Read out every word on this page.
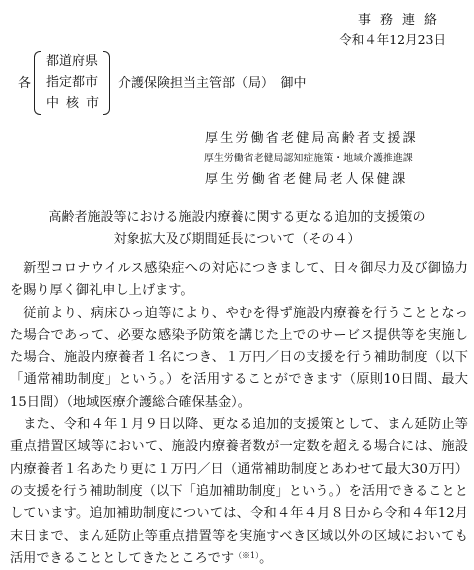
事務連絡
令和４年12月23日
各
都道府県
指定都市
中核市
介護保険担当主管部（局）　御中
厚生労働省老健局高齢者支援課
厚生労働省老健局認知症施策・地域介護推進課
厚生労働省老健局老人保健課
高齢者施設等における施設内療養に関する更なる追加的支援策の
対象拡大及び期間延長について（その４）

新型コロナウイルス感染症への対応につきまして、日々御尽力及び御協力を賜り厚く御礼申し上げます。

従前より、病床ひっ迫等により、やむを得ず施設内療養を行うこととなった場合であって、必要な感染予防策を講じた上でのサービス提供等を実施した場合、施設内療養者１名につき、１万円／日の支援を行う補助制度（以下「通常補助制度」という。）を活用することができます（原則10日間、最大15日間）（地域医療介護総合確保基金）。

また、令和４年１月９日以降、更なる追加的支援策として、まん延防止等重点措置区域等において、施設内療養者数が一定数を超える場合には、施設内療養者１名あたり更に１万円／日（通常補助制度とあわせて最大30万円）の支援を行う補助制度（以下「追加補助制度」という。）を活用できることとしています。追加補助制度については、令和４年４月８日から令和４年12月末日まで、まん延防止等重点措置等を実施すべき区域以外の区域においても活用できることとしてきたところです$^{(※1)}$。
